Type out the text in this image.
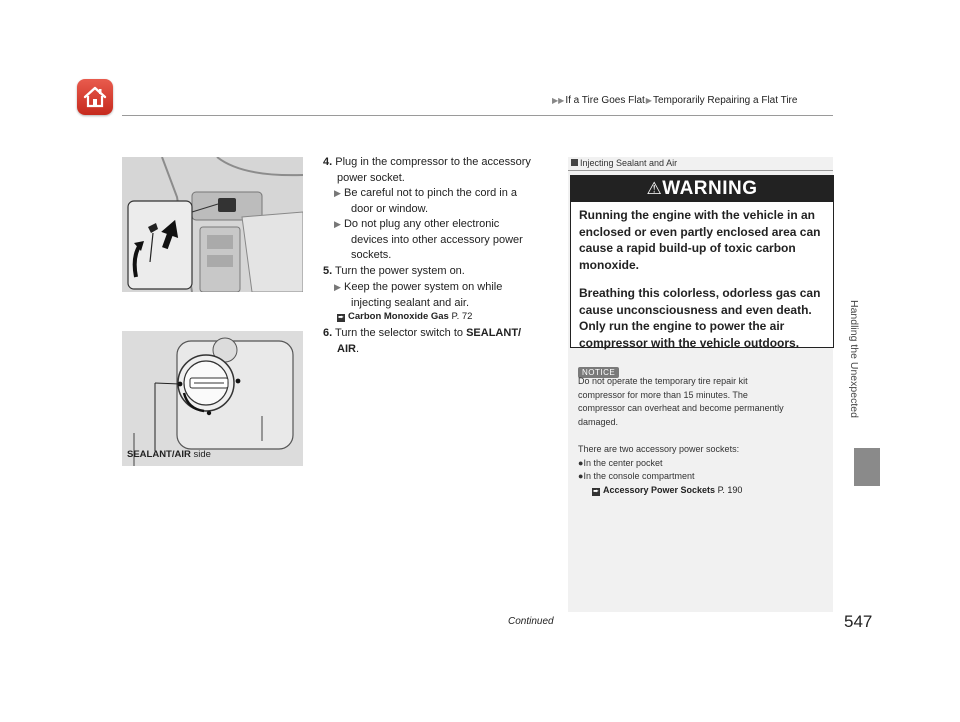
▶▶If a Tire Goes Flat▶Temporarily Repairing a Flat Tire
Handling the Unexpected
SEALANT/AIR side
4. Plug in the compressor to the accessory
power socket.
▶ Be careful not to pinch the cord in a
door or window.
▶ Do not plug any other electronic
devices into other accessory power
sockets.
5. Turn the power system on.
▶ Keep the power system on while
injecting sealant and air.
➨ Carbon Monoxide Gas P. 72
6. Turn the selector switch to SEALANT/
AIR.
Injecting Sealant and Air
⚠WARNING
Running the engine with the vehicle in an
enclosed or even partly enclosed area can
cause a rapid build-up of toxic carbon
monoxide.
Breathing this colorless, odorless gas can
cause unconsciousness and even death.
Only run the engine to power the air
compressor with the vehicle outdoors.
NOTICE
Do not operate the temporary tire repair kit
compressor for more than 15 minutes. The
compressor can overheat and become permanently
damaged.
There are two accessory power sockets:
●In the center pocket
●In the console compartment
➨ Accessory Power Sockets P. 190
Continued	547
